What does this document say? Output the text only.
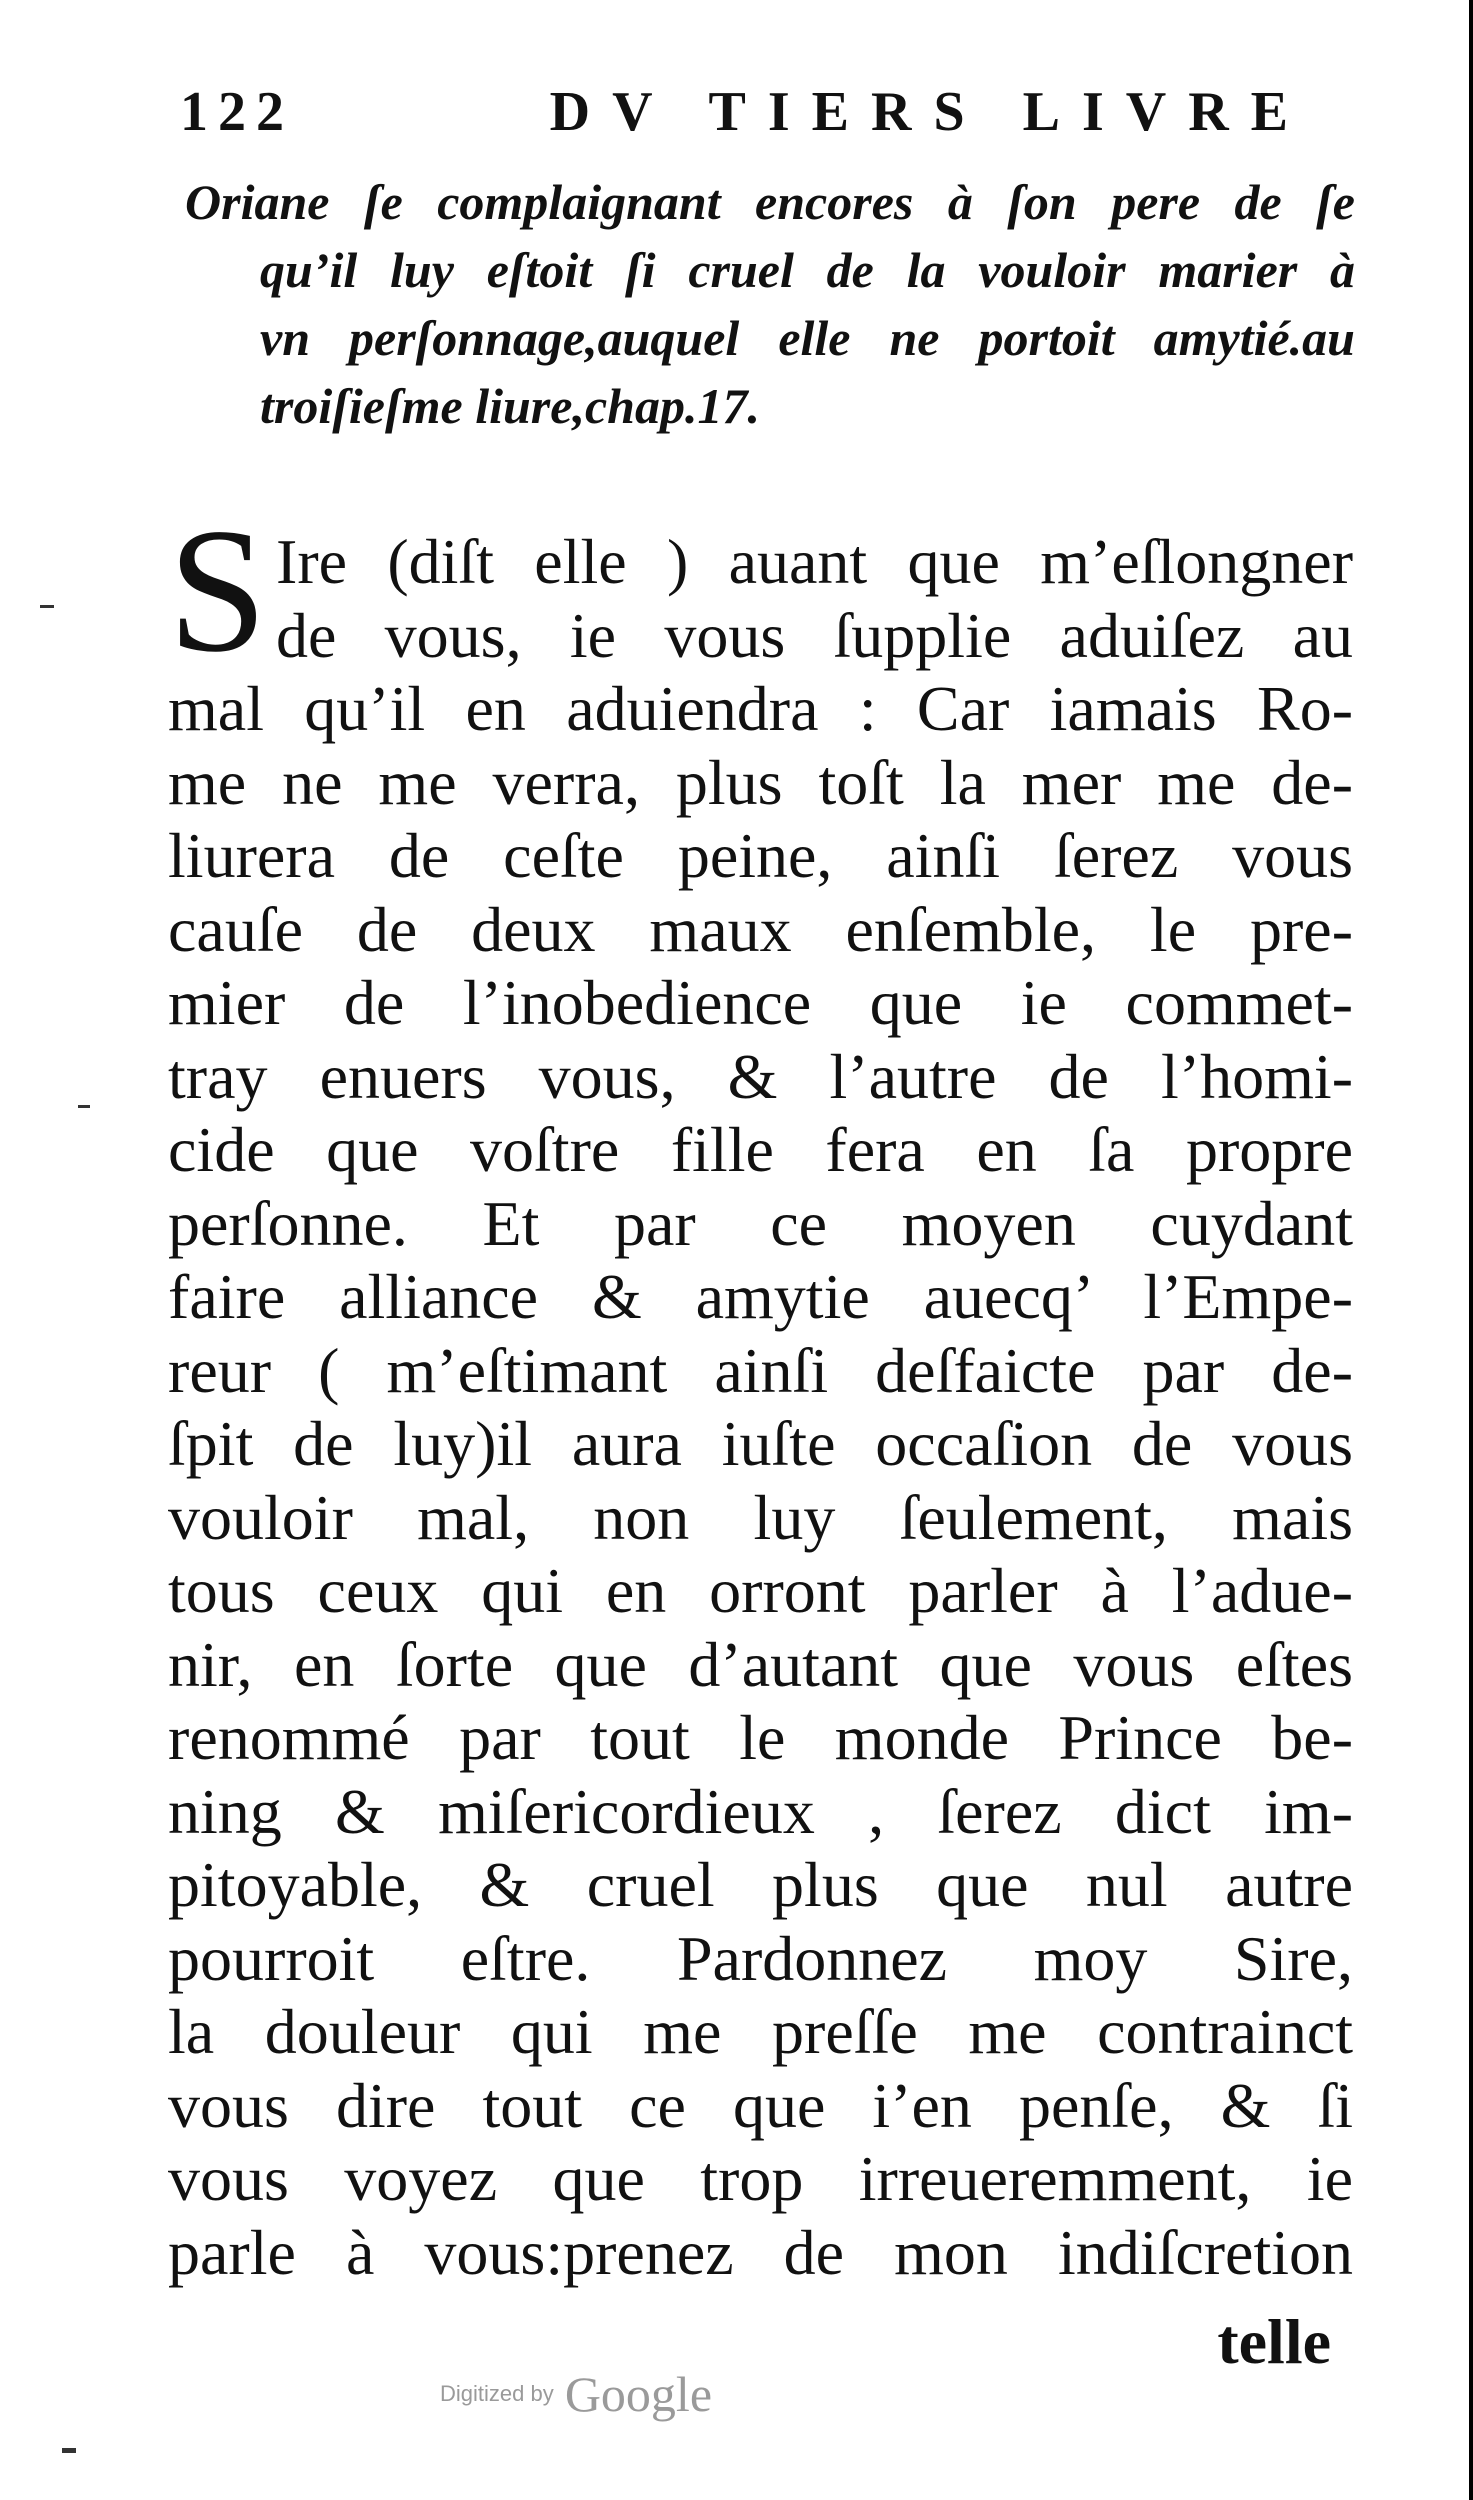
122	DV TIERS LIVRE
Oriane ſe complaignant encores à ſon pere de ſe
qu’il luy eſtoit ſi cruel de la vouloir marier à
vn perſonnage,auquel elle ne portoit amytié.au
troiſieſme liure,chap.17.
S Ire (diſt elle ) auant que m’eſlongner
de vous, ie vous ſupplie aduiſez au
mal qu’il en aduiendra : Car iamais Ro-
me ne me verra, plus toſt la mer me de-
liurera de ceſte peine, ainſi ſerez vous
cauſe de deux maux enſemble, le pre-
mier de l’inobedience que ie commet-
tray enuers vous, & l’autre de l’homi-
cide que voſtre fille fera en ſa propre
perſonne. Et par ce moyen cuydant
faire alliance & amytie auecq’ l’Empe-
reur ( m’eſtimant ainſi deſfaicte par de-
ſpit de luy)il aura iuſte occaſion de vous
vouloir mal, non luy ſeulement, mais
tous ceux qui en orront parler à l’adue-
nir, en ſorte que d’autant que vous eſtes
renommé par tout le monde Prince be-
ning & miſericordieux , ſerez dict im-
pitoyable, & cruel plus que nul autre
pourroit eſtre. Pardonnez moy Sire,
la douleur qui me preſſe me contrainct
vous dire tout ce que i’en penſe, & ſi
vous voyez que trop irreueremment, ie
parle à vous:prenez de mon indiſcretion
telle
Digitized by Google
